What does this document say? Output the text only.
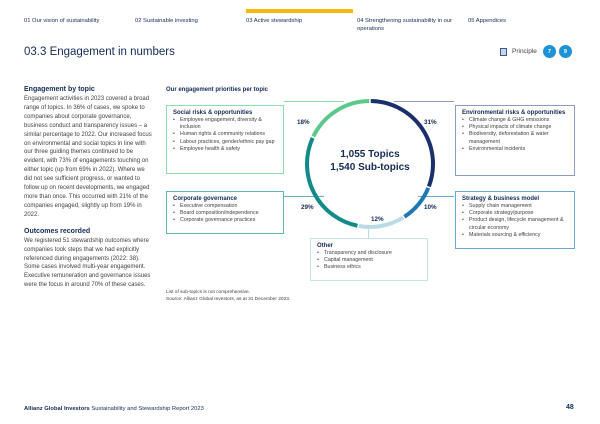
01 Our vision of sustainability	02 Sustainable investing	03 Active stewardship	04 Strengthening sustainability in our operations
05 Appendices
03.3 Engagement in numbers	Principle	7	9
Engagement by topic

Engagement activities in 2023 covered a broad range of topics. In 36% of cases, we spoke to companies about corporate governance, business conduct and transparency issues – a similar percentage to 2022. Our increased focus on environmental and social topics in line with our three guiding themes continued to be evident, with 73% of engagements touching on either topic (up from 69% in 2022). Where we did not see sufficient progress, or wanted to follow up on recent developments, we engaged more than once. This occurred with 21% of the companies engaged, slightly up from 19% in 2022.

Outcomes recorded

We registered 51 stewardship outcomes where companies took steps that we had explicitly referenced during engagements (2022: 38). Some cases involved multi-year engagement. Executive remuneration and governance issues were the focus in around 70% of these cases.

Our engagement priorities per topic
1,055 Topics
1,540 Sub-topics
18%	31%
29%	10%
12%
Social risks & opportunities
• Employee engagement, diversity & inclusion
• Human rights & community relations
• Labour practices, gender/ethnic pay gap
• Employee health & safety
Environmental risks & opportunities
• Climate change & GHG emissions
• Physical impacts of climate change
• Biodiversity, deforestation & water management
• Environmental incidents
Corporate governance
• Executive compensation
• Board composition/independence
• Corporate governance practices
Strategy & business model
• Supply chain management
• Corporate strategy/purpose
• Product design, lifecycle management & circular economy
• Materials sourcing & efficiency
Other
• Transparency and disclosure
• Capital management
• Business ethics
List of sub-topics is not comprehensive.
Source: Allianz Global Investors, as at 31 December 2023.
Allianz Global Investors Sustainability and Stewardship Report 2023	48
